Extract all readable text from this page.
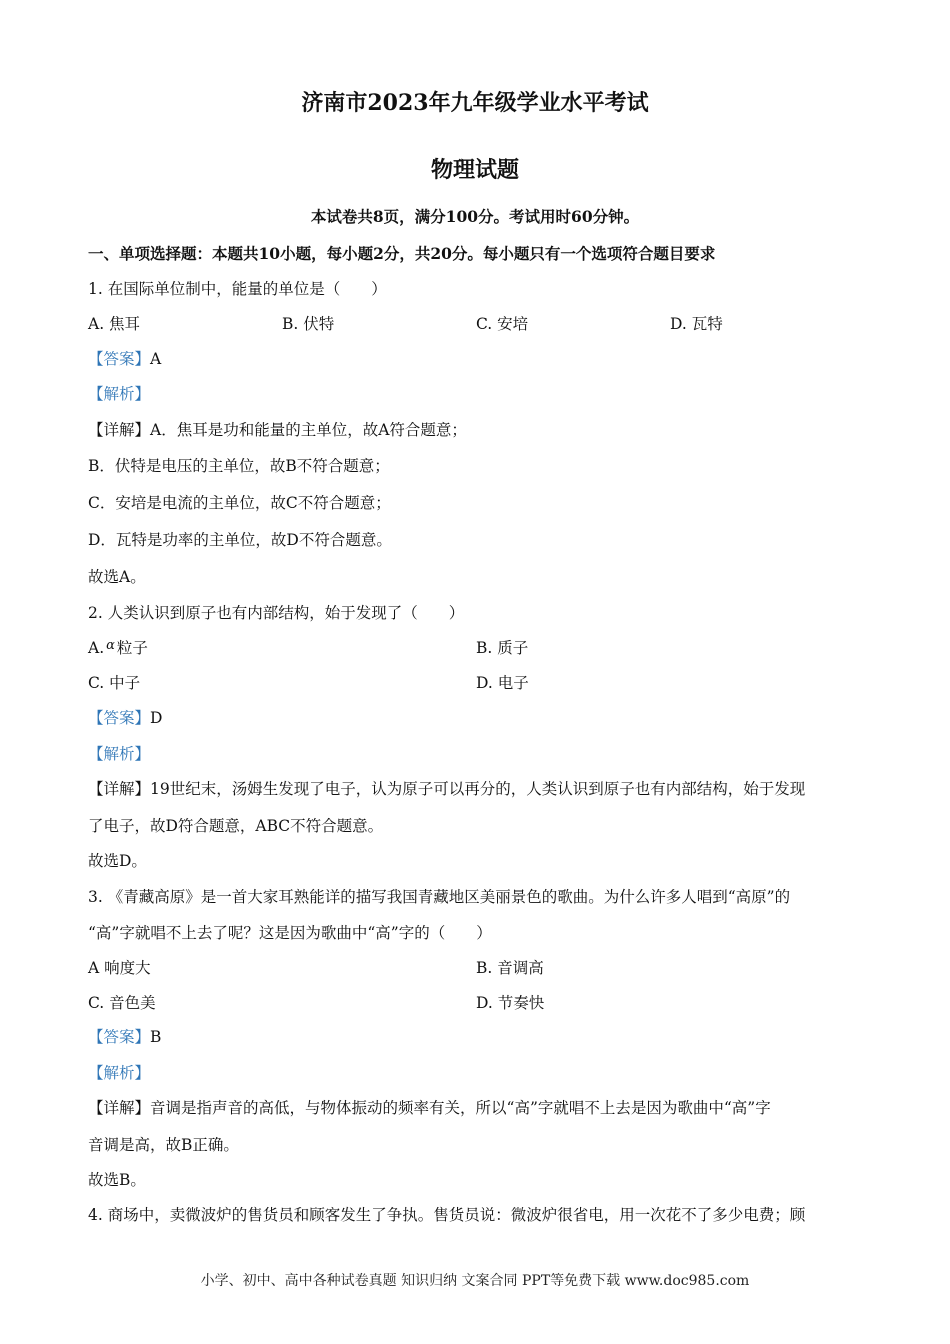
济南市2023年九年级学业水平考试
物理试题
本试卷共8页，满分100分。考试用时60分钟。
一、单项选择题：本题共10小题，每小题2分，共20分。每小题只有一个选项符合题目要求
1. 在国际单位制中，能量的单位是（　　）
A. 焦耳	B. 伏特	C. 安培	D. 瓦特
【答案】A
【解析】
【详解】A．焦耳是功和能量的主单位，故A符合题意；
B．伏特是电压的主单位，故B不符合题意；
C．安培是电流的主单位，故C不符合题意；
D．瓦特是功率的主单位，故D不符合题意。
故选A。
2. 人类认识到原子也有内部结构，始于发现了（　　）
A. $^\alpha$ 粒子	B. 质子
C. 中子	D. 电子
【答案】D
【解析】
【详解】19世纪末，汤姆生发现了电子，认为原子可以再分的，人类认识到原子也有内部结构，始于发现
了电子，故D符合题意，ABC不符合题意。
故选D。
3. 《青藏高原》是一首大家耳熟能详的描写我国青藏地区美丽景色的歌曲。为什么许多人唱到“高原”的
“高”字就唱不上去了呢？这是因为歌曲中“高”字的（　　）
A 响度大	B. 音调高
C. 音色美	D. 节奏快
【答案】B
【解析】
【详解】音调是指声音的高低，与物体振动的频率有关，所以“高”字就唱不上去是因为歌曲中“高”字
音调是高，故B正确。
故选B。
4. 商场中，卖微波炉的售货员和顾客发生了争执。售货员说：微波炉很省电，用一次花不了多少电费；顾
小学、初中、高中各种试卷真题 知识归纳 文案合同 PPT等免费下载 www.doc985.com
